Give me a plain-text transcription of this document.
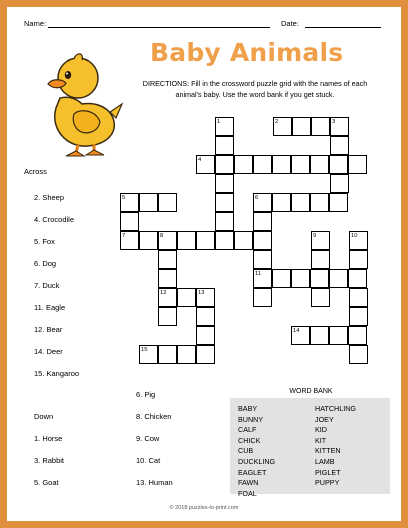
Name:	Date:
Baby Animals
DIRECTIONS: Fill in the crossword puzzle grid with the names of each animal's baby. Use the word bank if you get stuck.
1	2	3
4
5	6
7	8	9	10
11
12	13
14
15
Across
2. Sheep
4. Crocodile
5. Fox
6. Dog
7. Duck
11. Eagle
12. Bear
14. Deer
15. Kangaroo
6. Pig
8. Chicken
9. Cow
10. Cat
13. Human
Down
1. Horse
3. Rabbit
5. Goat
WORD BANK
BABY
BUNNY
CALF
CHICK
CUB
DUCKLING
EAGLET
FAWN
FOAL
HATCHLING
JOEY
KID
KIT
KITTEN
LAMB
PIGLET
PUPPY
© 2018 puzzles-to-print.com
